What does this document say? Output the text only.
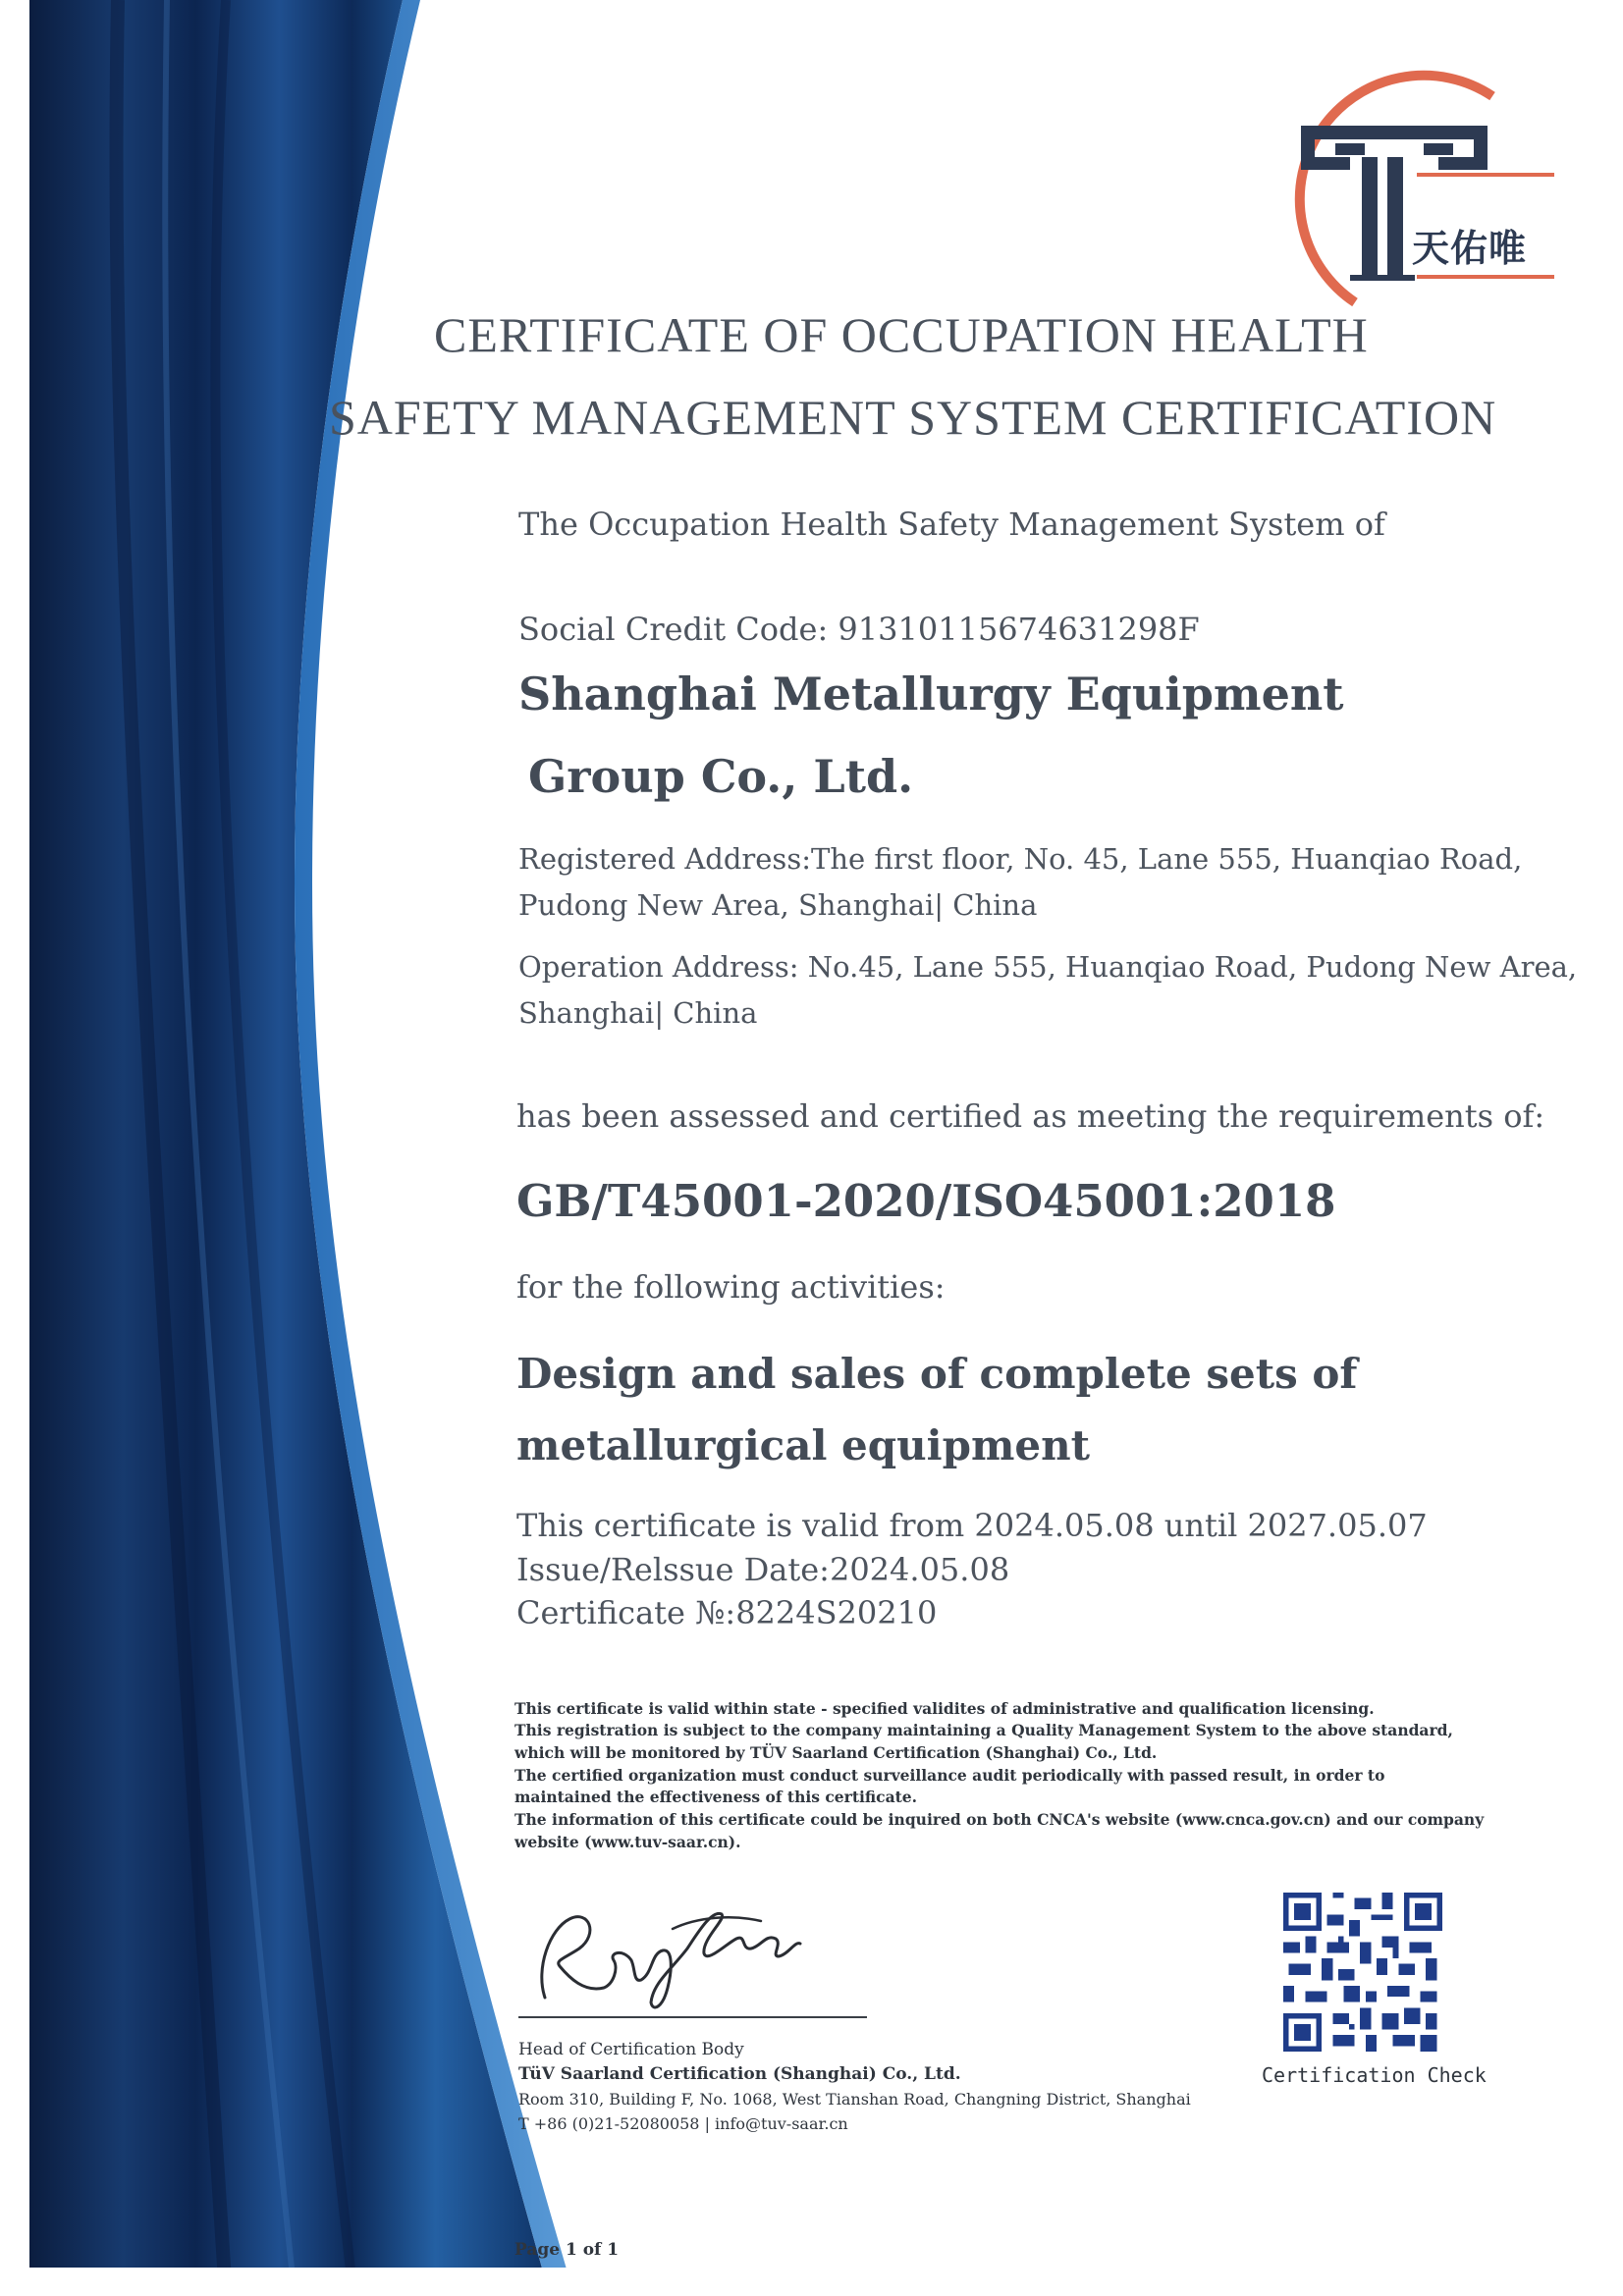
天佑唯
CERTIFICATE OF OCCUPATION HEALTH
SAFETY MANAGEMENT SYSTEM CERTIFICATION
The Occupation Health Safety Management System of
Social Credit Code: 91310115674631298F
Shanghai Metallurgy Equipment
Group Co., Ltd.
Registered Address:The first floor, No. 45, Lane 555, Huanqiao Road,
Pudong New Area, Shanghai| China
Operation Address: No.45, Lane 555, Huanqiao Road, Pudong New Area,
Shanghai| China
has been assessed and certified as meeting the requirements of:
GB/T45001-2020/ISO45001:2018
for the following activities:
Design and sales of complete sets of
metallurgical equipment
This certificate is valid from 2024.05.08 until 2027.05.07
Issue/Relssue Date:2024.05.08
Certificate №:8224S20210
This certificate is valid within state - specified validites of administrative and qualification licensing.
This registration is subject to the company maintaining a Quality Management System to the above standard,
which will be monitored by TÜV Saarland Certification (Shanghai) Co., Ltd.
The certified organization must conduct surveillance audit periodically with passed result, in order to
maintained the effectiveness of this certificate.
The information of this certificate could be inquired on both CNCA's website (www.cnca.gov.cn) and our company
website (www.tuv-saar.cn).
Head of Certification Body
TüV Saarland Certification (Shanghai) Co., Ltd.
Room 310, Building F, No. 1068, West Tianshan Road, Changning District, Shanghai
T +86 (0)21-52080058 | info@tuv-saar.cn
Certification Check
Page 1 of 1
